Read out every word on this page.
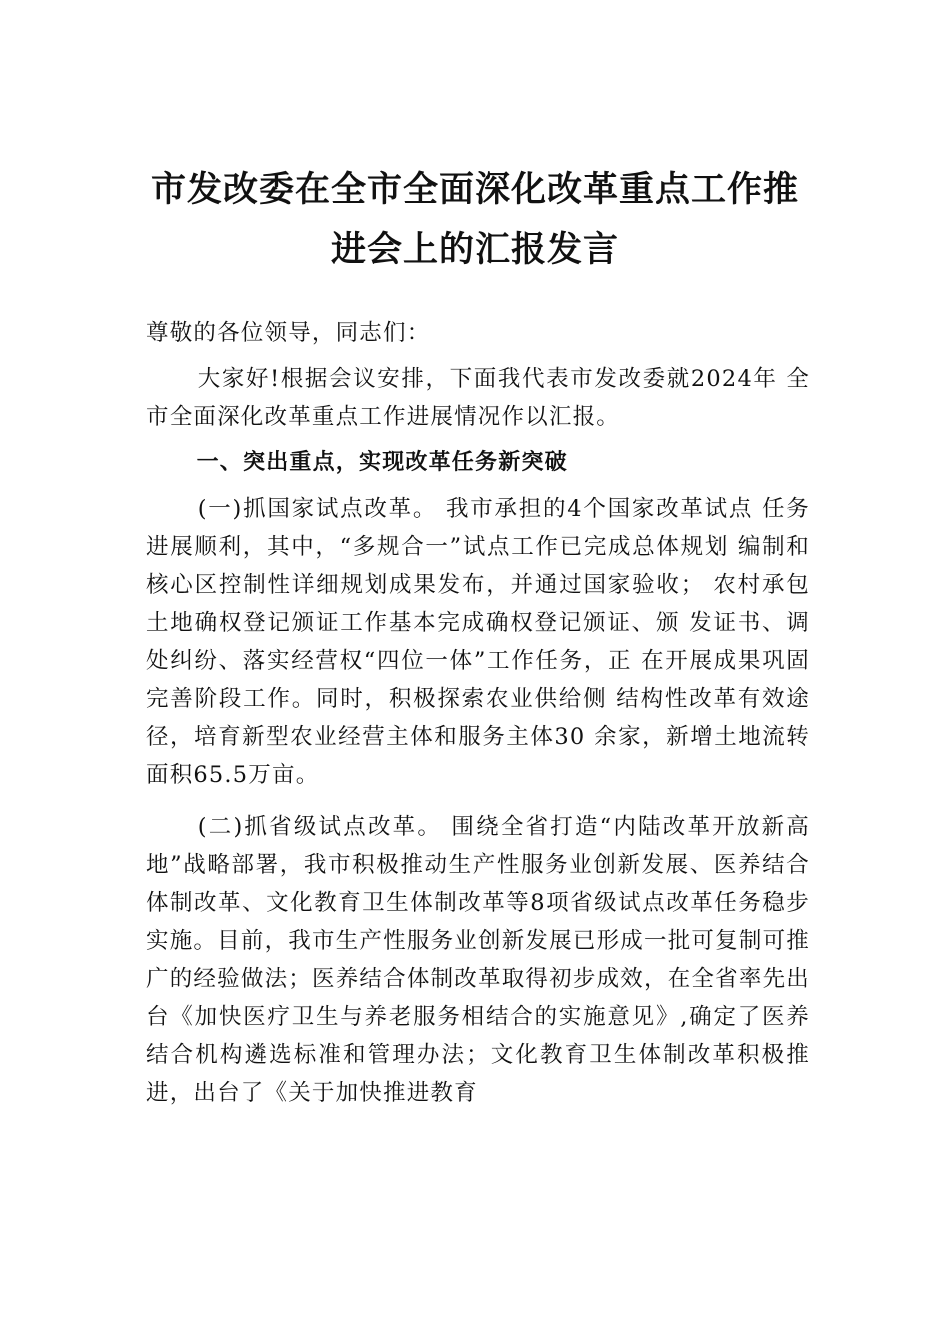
市发改委在全市全面深化改革重点工作推
进会上的汇报发言

尊敬的各位领导，同志们：

大家好!根据会议安排，下面我代表市发改委就2024年 全市全面深化改革重点工作进展情况作以汇报。

一、突出重点，实现改革任务新突破

(一)抓国家试点改革。 我市承担的4个国家改革试点 任务进展顺利，其中，“多规合一”试点工作已完成总体规划 编制和核心区控制性详细规划成果发布，并通过国家验收； 农村承包土地确权登记颁证工作基本完成确权登记颁证、颁 发证书、调处纠纷、落实经营权“四位一体”工作任务，正 在开展成果巩固完善阶段工作。同时，积极探索农业供给侧 结构性改革有效途径，培育新型农业经营主体和服务主体30 余家，新增土地流转面积65.5万亩。

(二)抓省级试点改革。 围绕全省打造“内陆改革开放新高地”战略部署，我市积极推动生产性服务业创新发展、医养结合体制改革、文化教育卫生体制改革等8项省级试点改革任务稳步实施。目前，我市生产性服务业创新发展已形成一批可复制可推广的经验做法；医养结合体制改革取得初步成效，在全省率先出台《加快医疗卫生与养老服务相结合的实施意见》,确定了医养结合机构遴选标准和管理办法；文化教育卫生体制改革积极推进，出台了《关于加快推进教育
